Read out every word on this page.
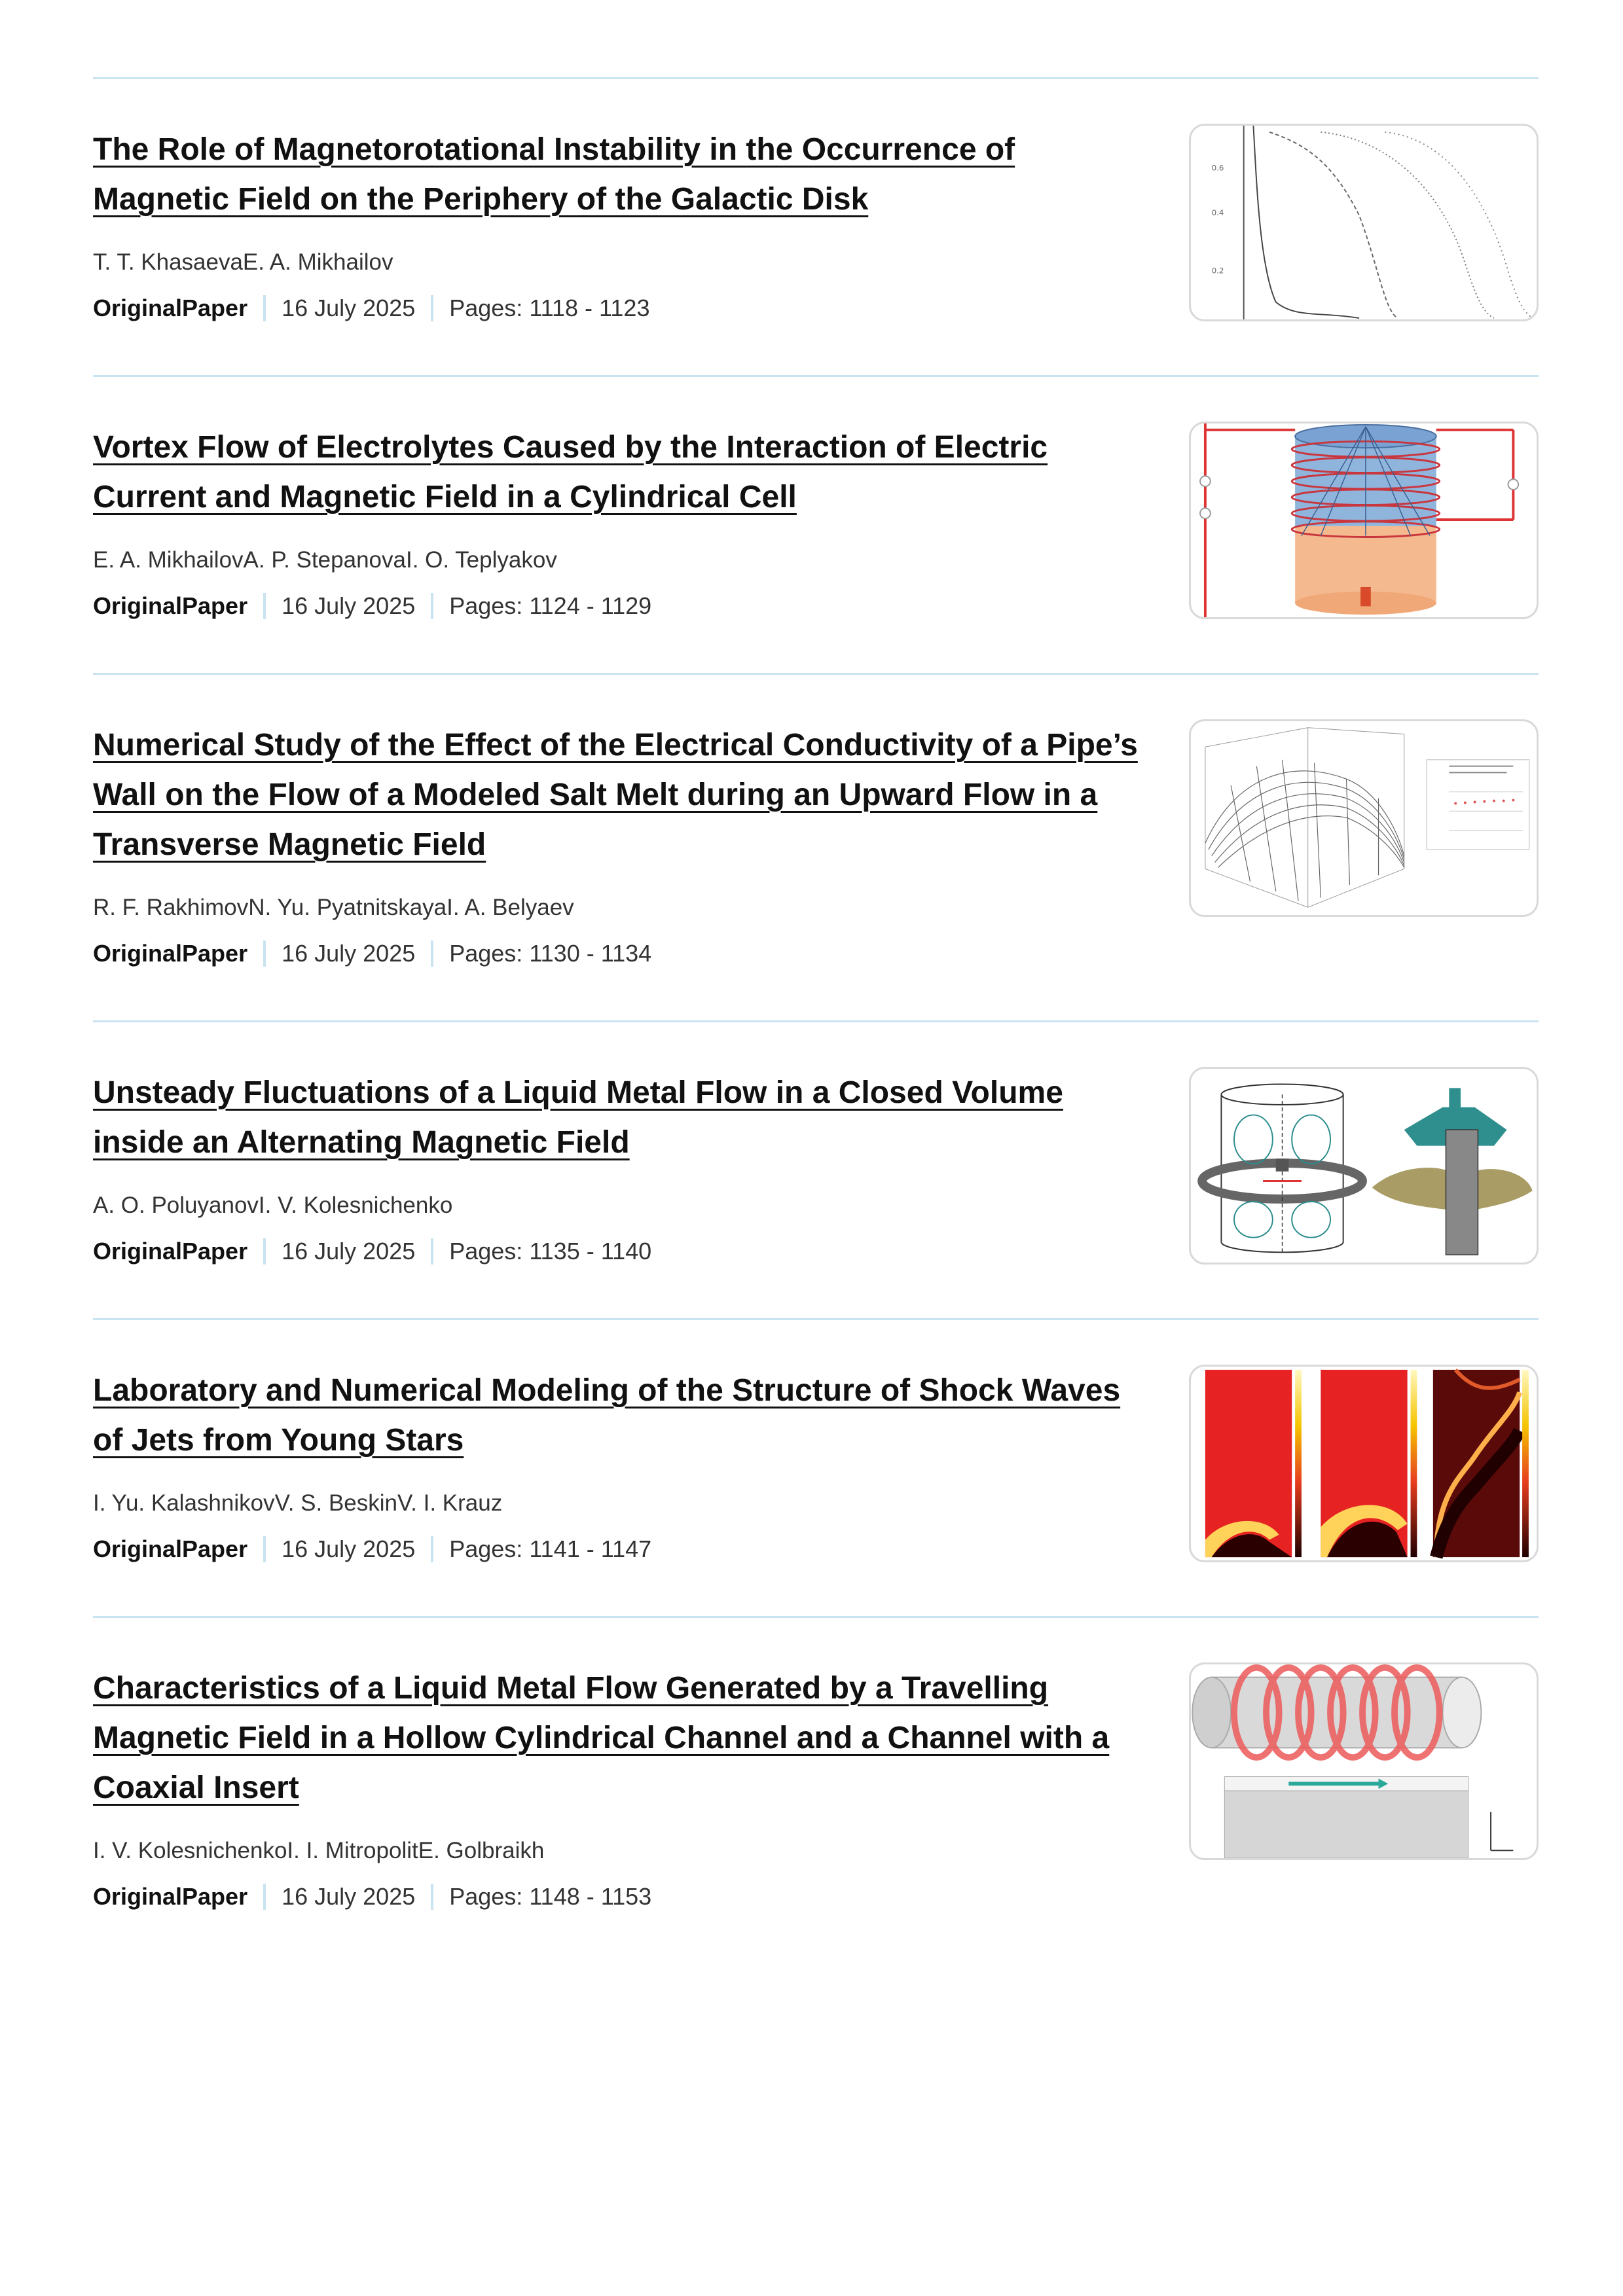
The Role of Magnetorotational Instability in the Occurrence of Magnetic Field on the Periphery of the Galactic Disk
T. T. KhasaevaE. A. Mikhailov
OriginalPaper 16 July 2025 Pages: 1118 - 1123
0.6
0.4
0.2
Vortex Flow of Electrolytes Caused by the Interaction of Electric Current and Magnetic Field in a Cylindrical Cell
E. A. MikhailovA. P. StepanovaI. O. Teplyakov
OriginalPaper 16 July 2025 Pages: 1124 - 1129
Numerical Study of the Effect of the Electrical Conductivity of a Pipe’s Wall on the Flow of a Modeled Salt Melt during an Upward Flow in a Transverse Magnetic Field
R. F. RakhimovN. Yu. PyatnitskayaI. A. Belyaev
OriginalPaper 16 July 2025 Pages: 1130 - 1134
Unsteady Fluctuations of a Liquid Metal Flow in a Closed Volume inside an Alternating Magnetic Field
A. O. PoluyanovI. V. Kolesnichenko
OriginalPaper 16 July 2025 Pages: 1135 - 1140
Laboratory and Numerical Modeling of the Structure of Shock Waves of Jets from Young Stars
I. Yu. KalashnikovV. S. BeskinV. I. Krauz
OriginalPaper 16 July 2025 Pages: 1141 - 1147
Characteristics of a Liquid Metal Flow Generated by a Travelling Magnetic Field in a Hollow Cylindrical Channel and a Channel with a Coaxial Insert
I. V. KolesnichenkoI. I. MitropolitE. Golbraikh
OriginalPaper 16 July 2025 Pages: 1148 - 1153
